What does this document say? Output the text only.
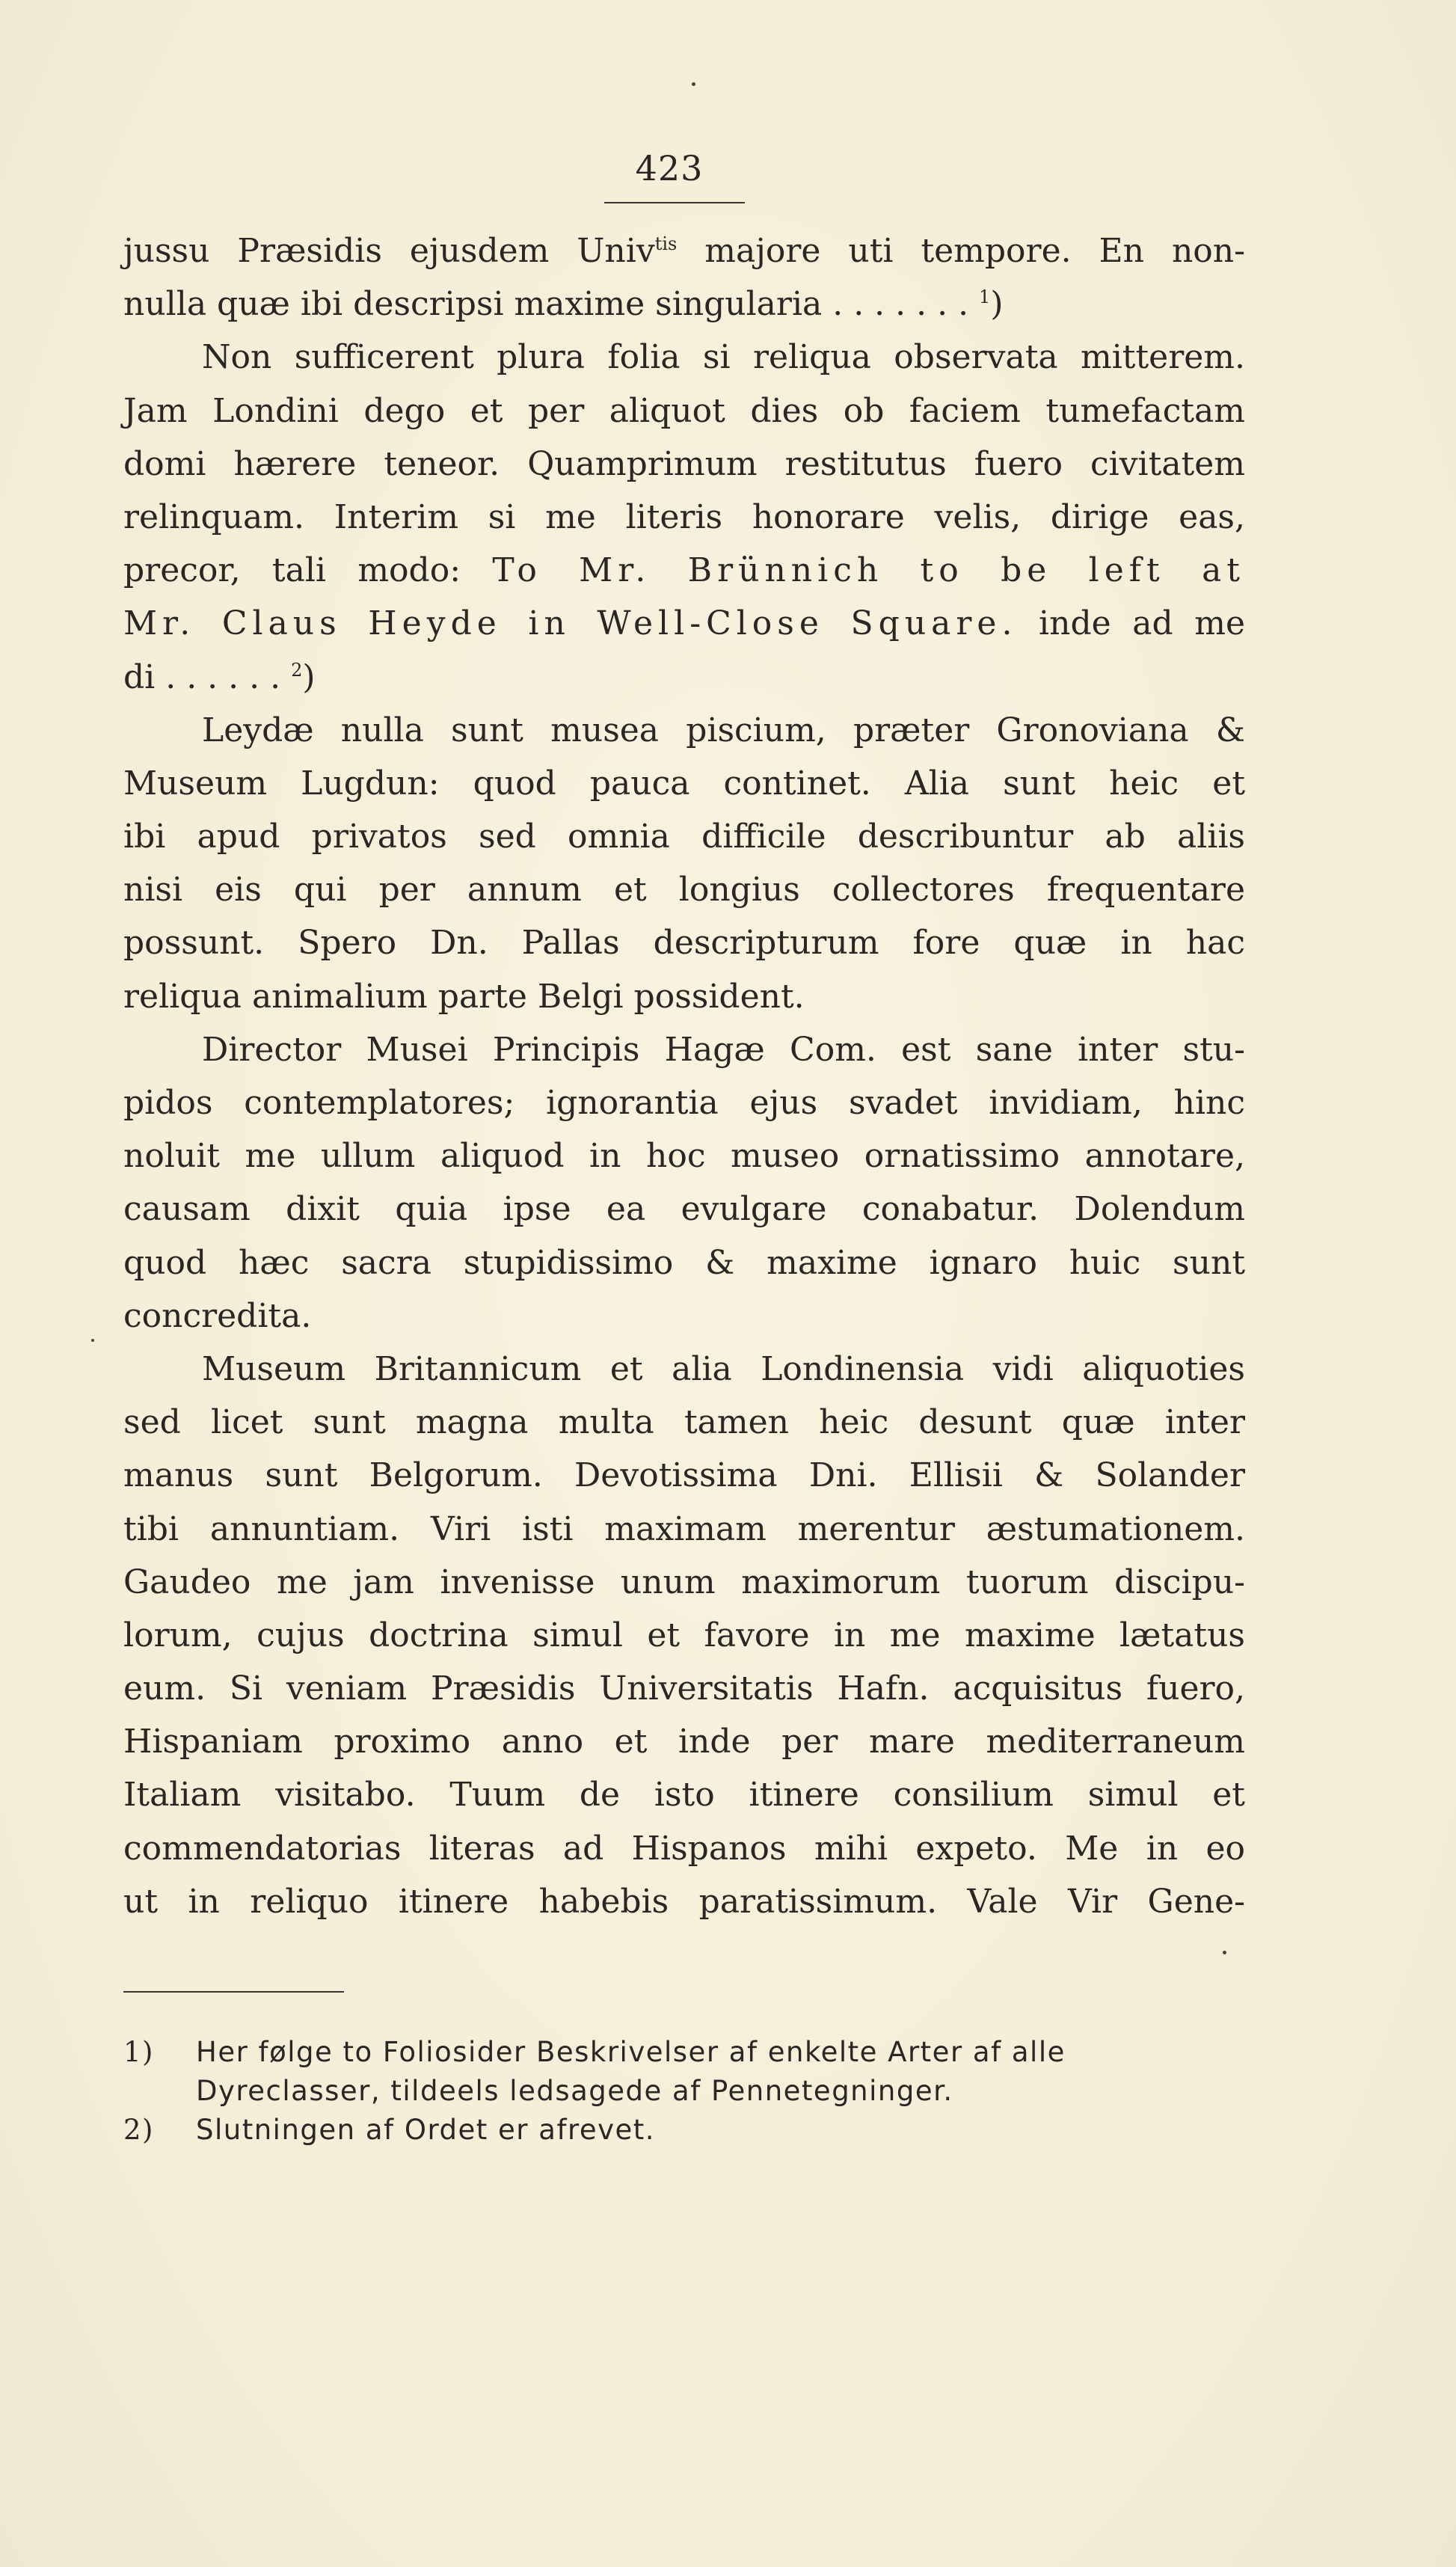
423
jussu Præsidis ejusdem Univ$^{tis}$ majore uti tempore. En non-
nulla quæ ibi descripsi maxime singularia . . . . . . . $^1$)
Non sufficerent plura folia si reliqua observata mitterem.
Jam Londini dego et per aliquot dies ob faciem tumefactam
domi hærere teneor. Quamprimum restitutus fuero civitatem
relinquam. Interim si me literis honorare velis, dirige eas,
precor, tali modo: To Mr. Brünnich to be left at
Mr. Claus Heyde in Well-Close Square. inde ad me
di . . . . . . $^2$)
Leydæ nulla sunt musea piscium, præter Gronoviana &
Museum Lugdun: quod pauca continet. Alia sunt heic et
ibi apud privatos sed omnia difficile describuntur ab aliis
nisi eis qui per annum et longius collectores frequentare
possunt. Spero Dn. Pallas descripturum fore quæ in hac
reliqua animalium parte Belgi possident.
Director Musei Principis Hagæ Com. est sane inter stu-
pidos contemplatores; ignorantia ejus svadet invidiam, hinc
noluit me ullum aliquod in hoc museo ornatissimo annotare,
causam dixit quia ipse ea evulgare conabatur. Dolendum
quod hæc sacra stupidissimo & maxime ignaro huic sunt
concredita.
Museum Britannicum et alia Londinensia vidi aliquoties
sed licet sunt magna multa tamen heic desunt quæ inter
manus sunt Belgorum. Devotissima Dni. Ellisii & Solander
tibi annuntiam. Viri isti maximam merentur æstumationem.
Gaudeo me jam invenisse unum maximorum tuorum discipu-
lorum, cujus doctrina simul et favore in me maxime lætatus
eum. Si veniam Præsidis Universitatis Hafn. acquisitus fuero,
Hispaniam proximo anno et inde per mare mediterraneum
Italiam visitabo. Tuum de isto itinere consilium simul et
commendatorias literas ad Hispanos mihi expeto. Me in eo
ut in reliquo itinere habebis paratissimum. Vale Vir Gene-
1) Her følge to Foliosider Beskrivelser af enkelte Arter af alle
Dyreclasser, tildeels ledsagede af Pennetegninger.
2) Slutningen af Ordet er afrevet.
